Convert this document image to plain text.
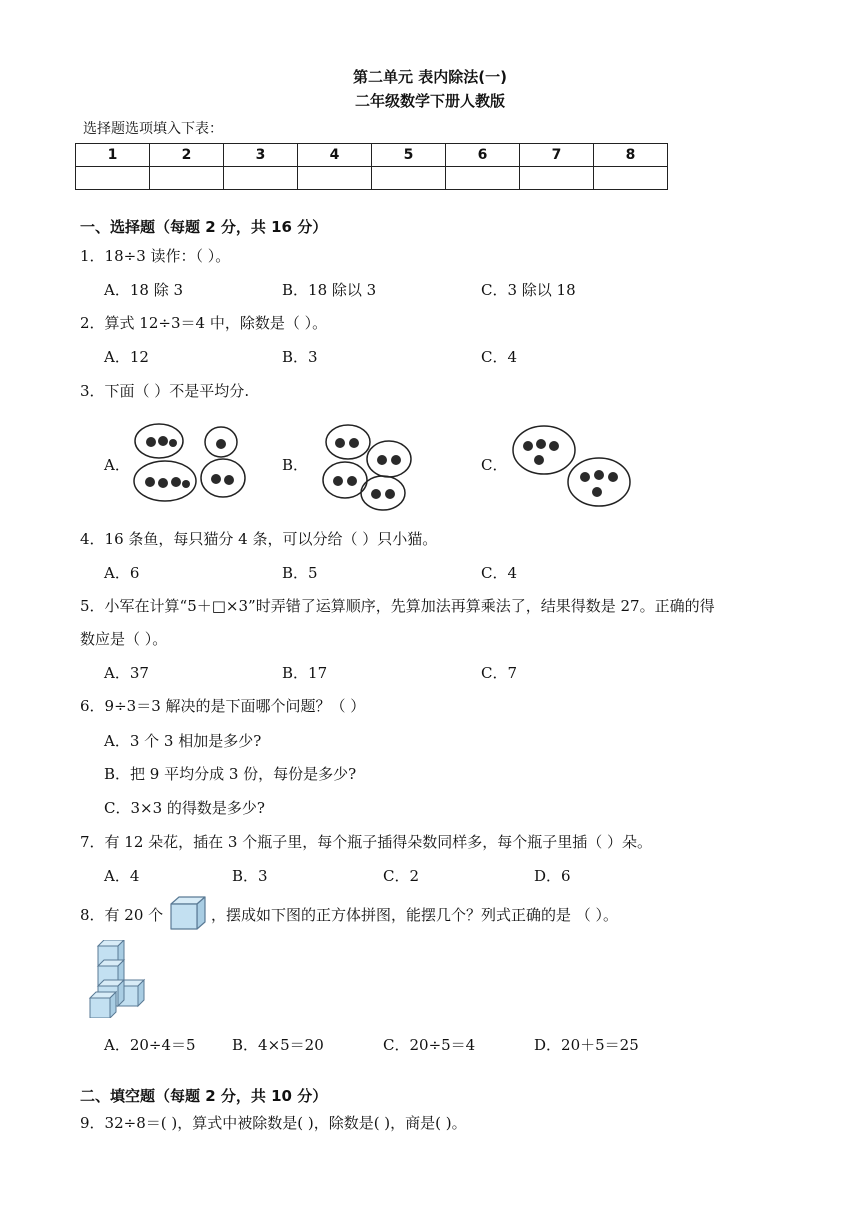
第二单元 表内除法(一)
二年级数学下册人教版
选择题选项填入下表：
1	2	3	4	5	6	7	8

一、选择题（每题 2 分，共 16 分）
1．18÷3 读作：（ ）。
A．18 除 3	B．18 除以 3	C．3 除以 18
2．算式 12÷3＝4 中，除数是（ ）。
A．12	B．3	C．4
3．下面（ ）不是平均分.
A．	B．	C．
4．16 条鱼，每只猫分 4 条，可以分给（ ）只小猫。
A．6	B．5	C．4
5．小军在计算“5＋□×3”时弄错了运算顺序，先算加法再算乘法了，结果得数是 27。正确的得
数应是（ ）。
A．37	B．17	C．7
6．9÷3＝3 解决的是下面哪个问题？（ ）
A．3 个 3 相加是多少?
B．把 9 平均分成 3 份，每份是多少?
C．3×3 的得数是多少?
7．有 12 朵花，插在 3 个瓶子里，每个瓶子插得朵数同样多，每个瓶子里插（ ）朵。
A．4	B．3	C．2	D．6
8．有 20 个	，摆成如下图的正方体拼图，能摆几个？列式正确的是 （ ）。
A．20÷4＝5 B．4×5＝20	C．20÷5＝4	D．20＋5＝25
二、填空题（每题 2 分，共 10 分）
9．32÷8＝( )，算式中被除数是( )，除数是( )，商是( )。
